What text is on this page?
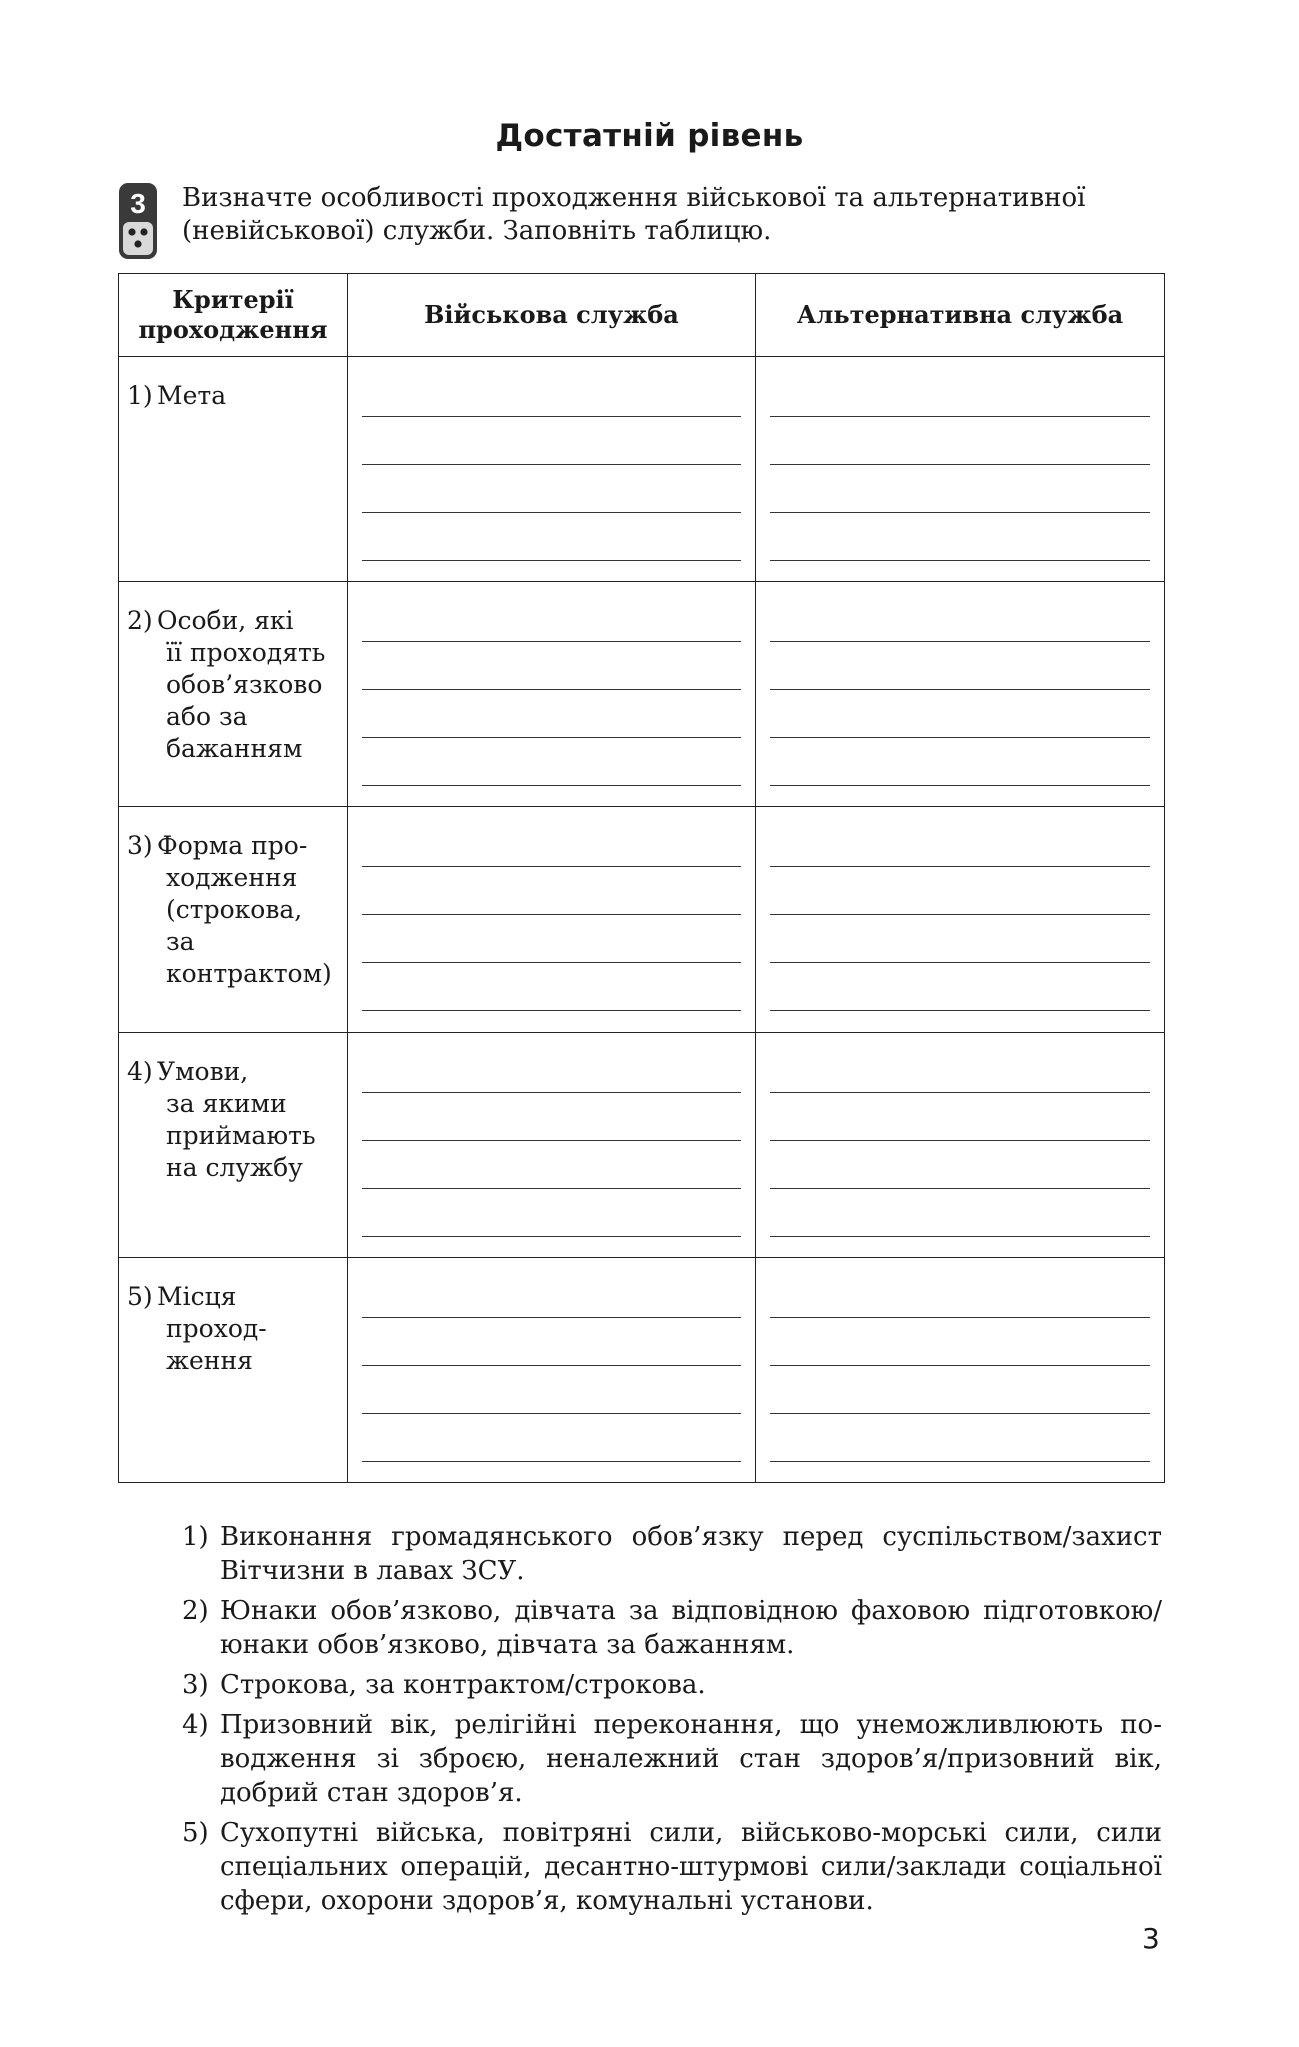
Достатній рівень
3 Визначте особливості проходження військової та альтернативної (невійськової) служби. Заповніть таблицю.
Критерії проходження	Військова служба	Альтернативна служба
1) Мета

2) Особи, які
її проходять обов’язково або за бажанням		

3) Форма про-
ходження (строкова, за контрактом)		

4) Умови,
за якими приймають на службу		

5) Місця
проход- ження		

1) Виконання громадянського обов’язку перед суспільством/захист Вітчизни в лавах ЗСУ.
2) Юнаки обов’язково, дівчата за відповідною фаховою підготовкою/ юнаки обов’язково, дівчата за бажанням.
3) Строкова, за контрактом/строкова.
4) Призовний вік, релігійні переконання, що унеможливлюють по- водження зі зброєю, неналежний стан здоров’я/призовний вік, добрий стан здоров’я.
5) Сухопутні війська, повітряні сили, військово-морські сили, сили спеціальних операцій, десантно-штурмові сили/заклади соціальної сфери, охорони здоров’я, комунальні установи.
3
